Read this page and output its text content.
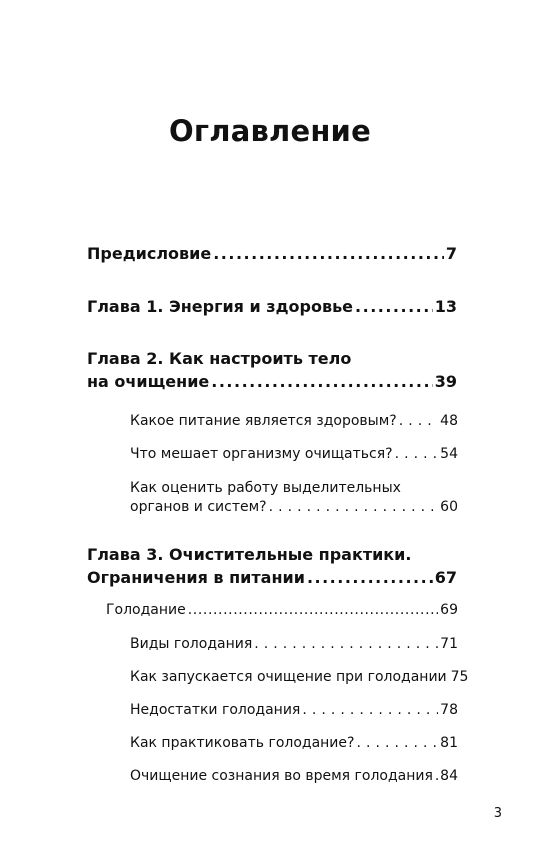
Оглавление
Предисловие .....	7
Глава 1. Энергия и здоровье .....	13
Глава 2. Как настроить тело
на очищение .....	39
Какое питание является здоровым? . . .	48
Что мешает организму очищаться? . . .	54
Как оценить работу выделительных
органов и систем? . . .	60
Глава 3. Очистительные практики.
Ограничения в питании .....	67
Голодание .....	69
Виды голодания . . .	71
Как запускается очищение при голодании 75
Недостатки голодания . . .	78
Как практиковать голодание? . . .	81
Очищение сознания во время голодания . . . 84
3
